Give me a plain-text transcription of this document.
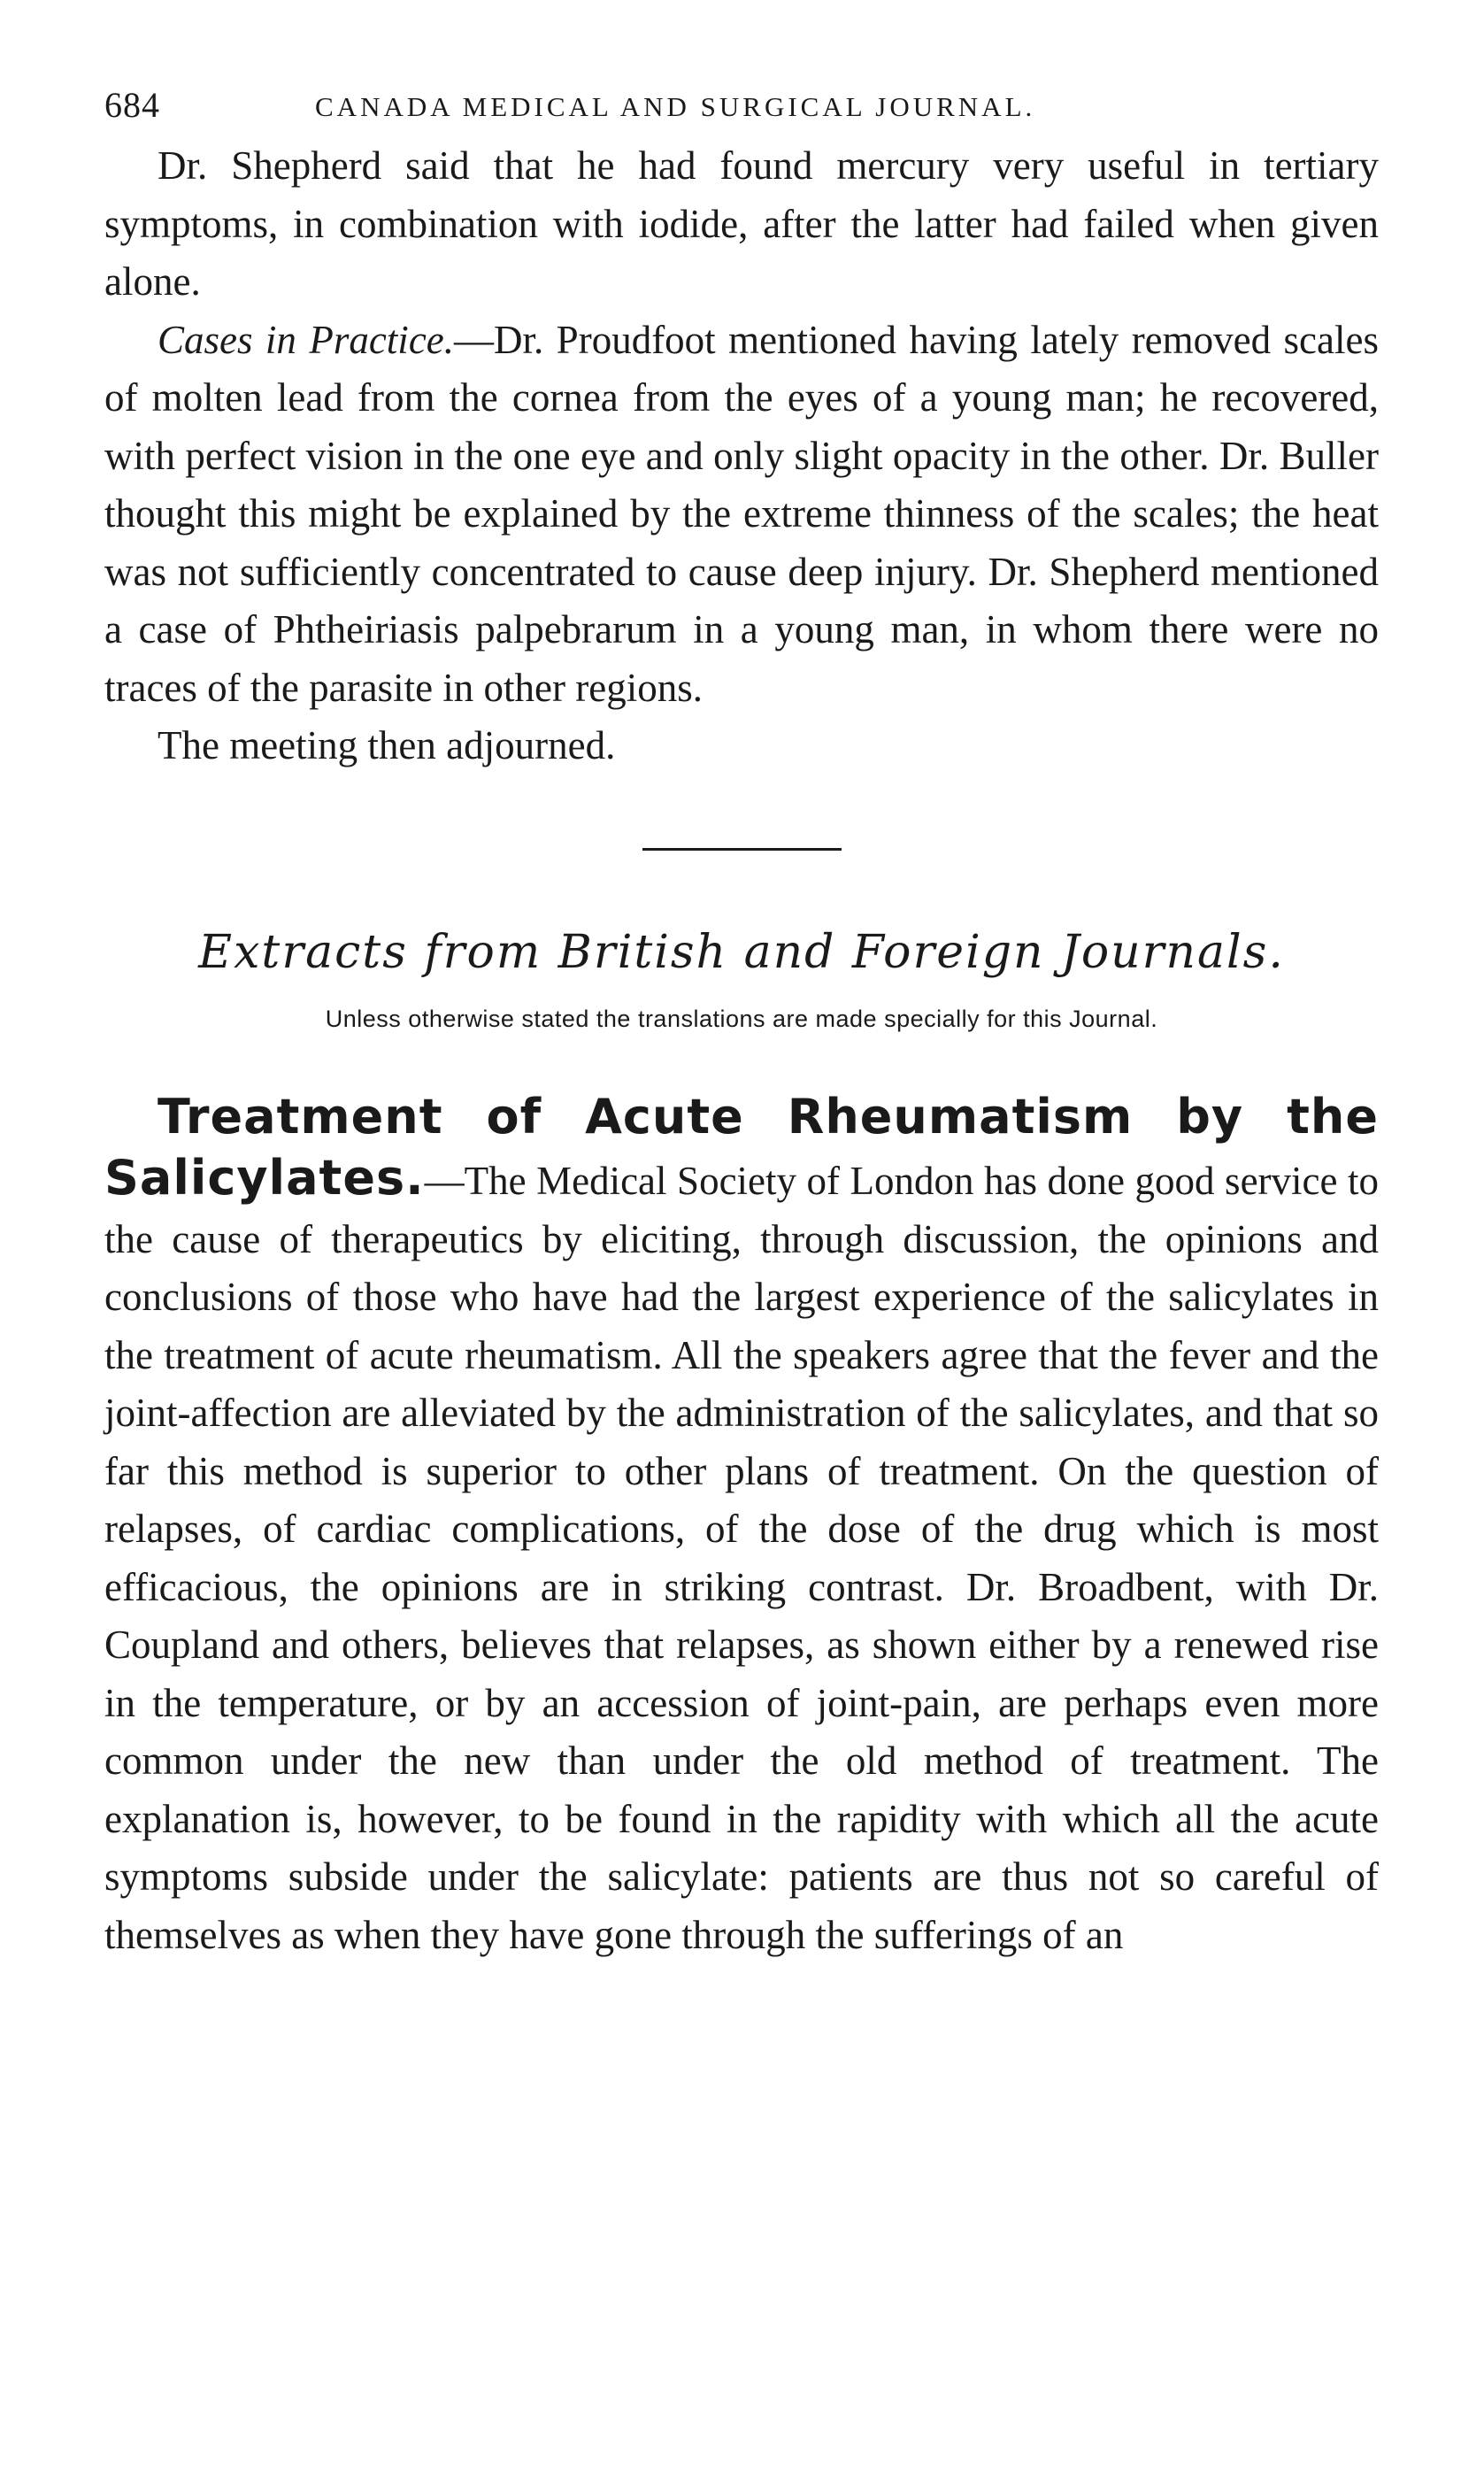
684	CANADA MEDICAL AND SURGICAL JOURNAL.

Dr. Shepherd said that he had found mercury very useful in tertiary symptoms, in combination with iodide, after the latter had failed when given alone.

Cases in Practice.—Dr. Proudfoot mentioned having lately removed scales of molten lead from the cornea from the eyes of a young man; he recovered, with perfect vision in the one eye and only slight opacity in the other. Dr. Buller thought this might be explained by the extreme thinness of the scales; the heat was not sufficiently concentrated to cause deep injury. Dr. Shepherd mentioned a case of Phtheiriasis palpebrarum in a young man, in whom there were no traces of the parasite in other regions.

The meeting then adjourned.

Extracts from British and Foreign Journals.

Unless otherwise stated the translations are made specially for this Journal.

Treatment of Acute Rheumatism by the Salicylates.—The Medical Society of London has done good service to the cause of therapeutics by eliciting, through discussion, the opinions and conclusions of those who have had the largest experience of the salicylates in the treatment of acute rheumatism. All the speakers agree that the fever and the joint-affection are alleviated by the administration of the salicylates, and that so far this method is superior to other plans of treatment. On the question of relapses, of cardiac complications, of the dose of the drug which is most efficacious, the opinions are in striking contrast. Dr. Broadbent, with Dr. Coupland and others, believes that relapses, as shown either by a renewed rise in the temperature, or by an accession of joint-pain, are perhaps even more common under the new than under the old method of treatment. The explanation is, however, to be found in the rapidity with which all the acute symptoms subside under the salicylate: patients are thus not so careful of themselves as when they have gone through the sufferings of an
